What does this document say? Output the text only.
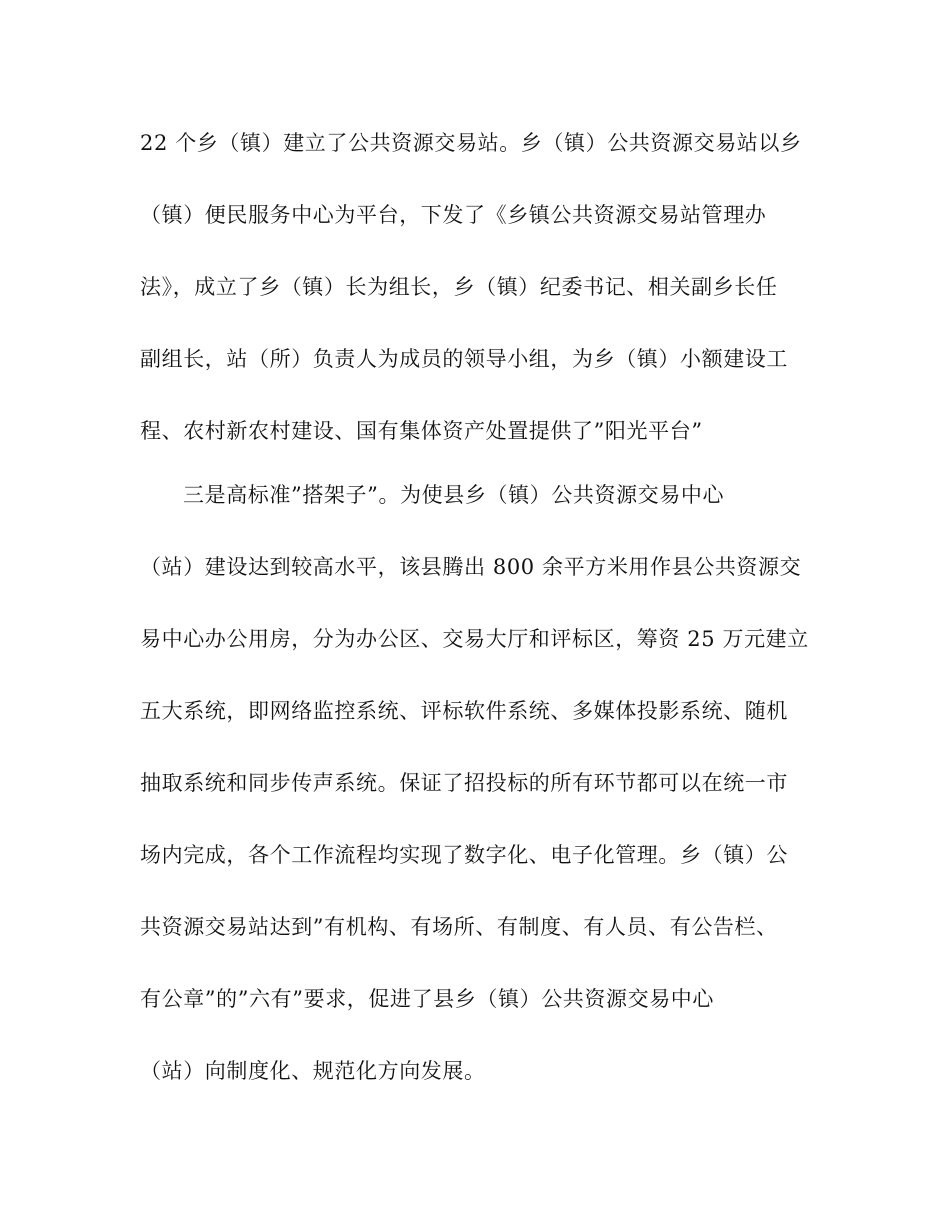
22 个乡（镇）建立了公共资源交易站。乡（镇）公共资源交易站以乡
（镇）便民服务中心为平台，下发了《乡镇公共资源交易站管理办
法》，成立了乡（镇）长为组长，乡（镇）纪委书记、相关副乡长任
副组长，站（所）负责人为成员的领导小组，为乡（镇）小额建设工
程、农村新农村建设、国有集体资产处置提供了”阳光平台”
三是高标准”搭架子”。为使县乡（镇）公共资源交易中心
（站）建设达到较高水平，该县腾出 800 余平方米用作县公共资源交
易中心办公用房，分为办公区、交易大厅和评标区，筹资 25 万元建立
五大系统，即网络监控系统、评标软件系统、多媒体投影系统、随机
抽取系统和同步传声系统。保证了招投标的所有环节都可以在统一市
场内完成，各个工作流程均实现了数字化、电子化管理。乡（镇）公
共资源交易站达到”有机构、有场所、有制度、有人员、有公告栏、
有公章”的”六有”要求，促进了县乡（镇）公共资源交易中心
（站）向制度化、规范化方向发展。
